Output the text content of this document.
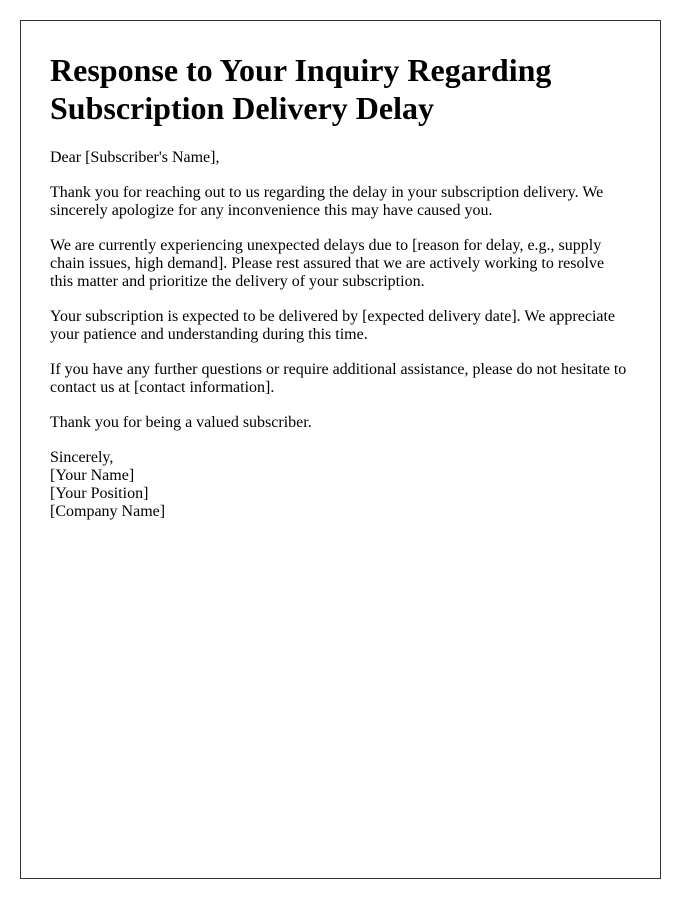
Response to Your Inquiry Regarding Subscription Delivery Delay

Dear [Subscriber's Name],

Thank you for reaching out to us regarding the delay in your subscription delivery. We sincerely apologize for any inconvenience this may have caused you.

We are currently experiencing unexpected delays due to [reason for delay, e.g., supply chain issues, high demand]. Please rest assured that we are actively working to resolve this matter and prioritize the delivery of your subscription.

Your subscription is expected to be delivered by [expected delivery date]. We appreciate your patience and understanding during this time.

If you have any further questions or require additional assistance, please do not hesitate to contact us at [contact information].

Thank you for being a valued subscriber.

Sincerely,
[Your Name]
[Your Position]
[Company Name]
